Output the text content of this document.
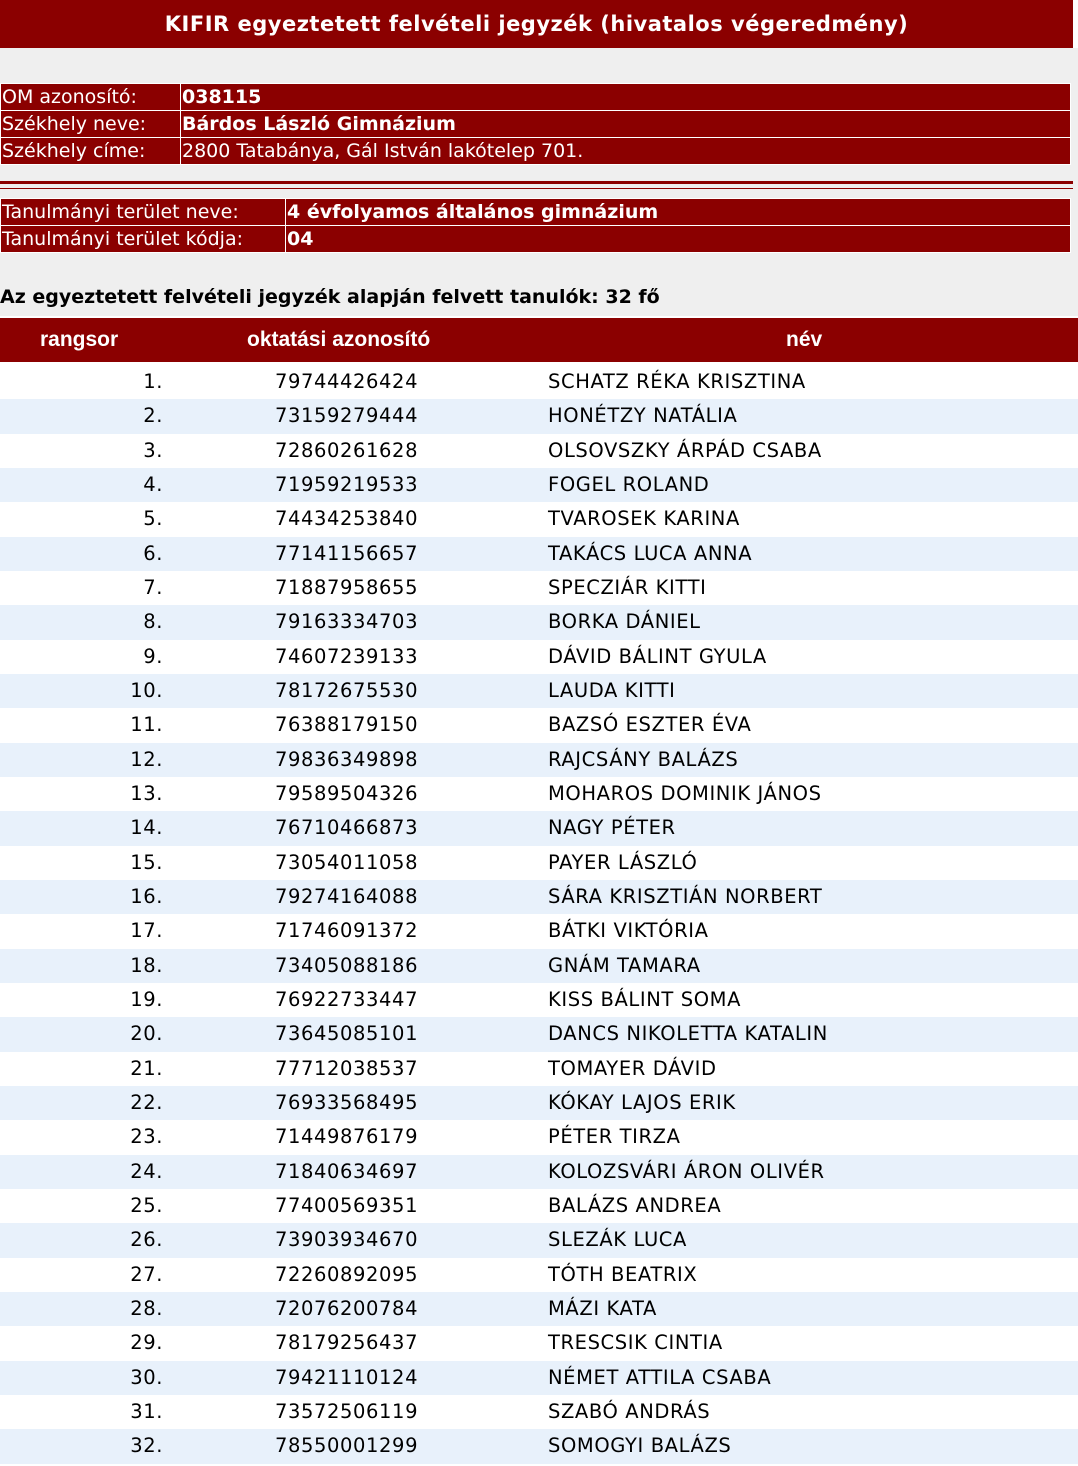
KIFIR egyeztetett felvételi jegyzék (hivatalos végeredmény)
OM azonosító:	038115
Székhely neve:	Bárdos László Gimnázium
Székhely címe:	2800 Tatabánya, Gál István lakótelep 701.
Tanulmányi terület neve:	4 évfolyamos általános gimnázium
Tanulmányi terület kódja:	04
Az egyeztetett felvételi jegyzék alapján felvett tanulók: 32 fő
rangsor	oktatási azonosító	név
1.	79744426424	SCHATZ RÉKA KRISZTINA
2.	73159279444	HONÉTZY NATÁLIA
3.	72860261628	OLSOVSZKY ÁRPÁD CSABA
4.	71959219533	FOGEL ROLAND
5.	74434253840	TVAROSEK KARINA
6.	77141156657	TAKÁCS LUCA ANNA
7.	71887958655	SPECZIÁR KITTI
8.	79163334703	BORKA DÁNIEL
9.	74607239133	DÁVID BÁLINT GYULA
10.	78172675530	LAUDA KITTI
11.	76388179150	BAZSÓ ESZTER ÉVA
12.	79836349898	RAJCSÁNY BALÁZS
13.	79589504326	MOHAROS DOMINIK JÁNOS
14.	76710466873	NAGY PÉTER
15.	73054011058	PAYER LÁSZLÓ
16.	79274164088	SÁRA KRISZTIÁN NORBERT
17.	71746091372	BÁTKI VIKTÓRIA
18.	73405088186	GNÁM TAMARA
19.	76922733447	KISS BÁLINT SOMA
20.	73645085101	DANCS NIKOLETTA KATALIN
21.	77712038537	TOMAYER DÁVID
22.	76933568495	KÓKAY LAJOS ERIK
23.	71449876179	PÉTER TIRZA
24.	71840634697	KOLOZSVÁRI ÁRON OLIVÉR
25.	77400569351	BALÁZS ANDREA
26.	73903934670	SLEZÁK LUCA
27.	72260892095	TÓTH BEATRIX
28.	72076200784	MÁZI KATA
29.	78179256437	TRESCSIK CINTIA
30.	79421110124	NÉMET ATTILA CSABA
31.	73572506119	SZABÓ ANDRÁS
32.	78550001299	SOMOGYI BALÁZS
